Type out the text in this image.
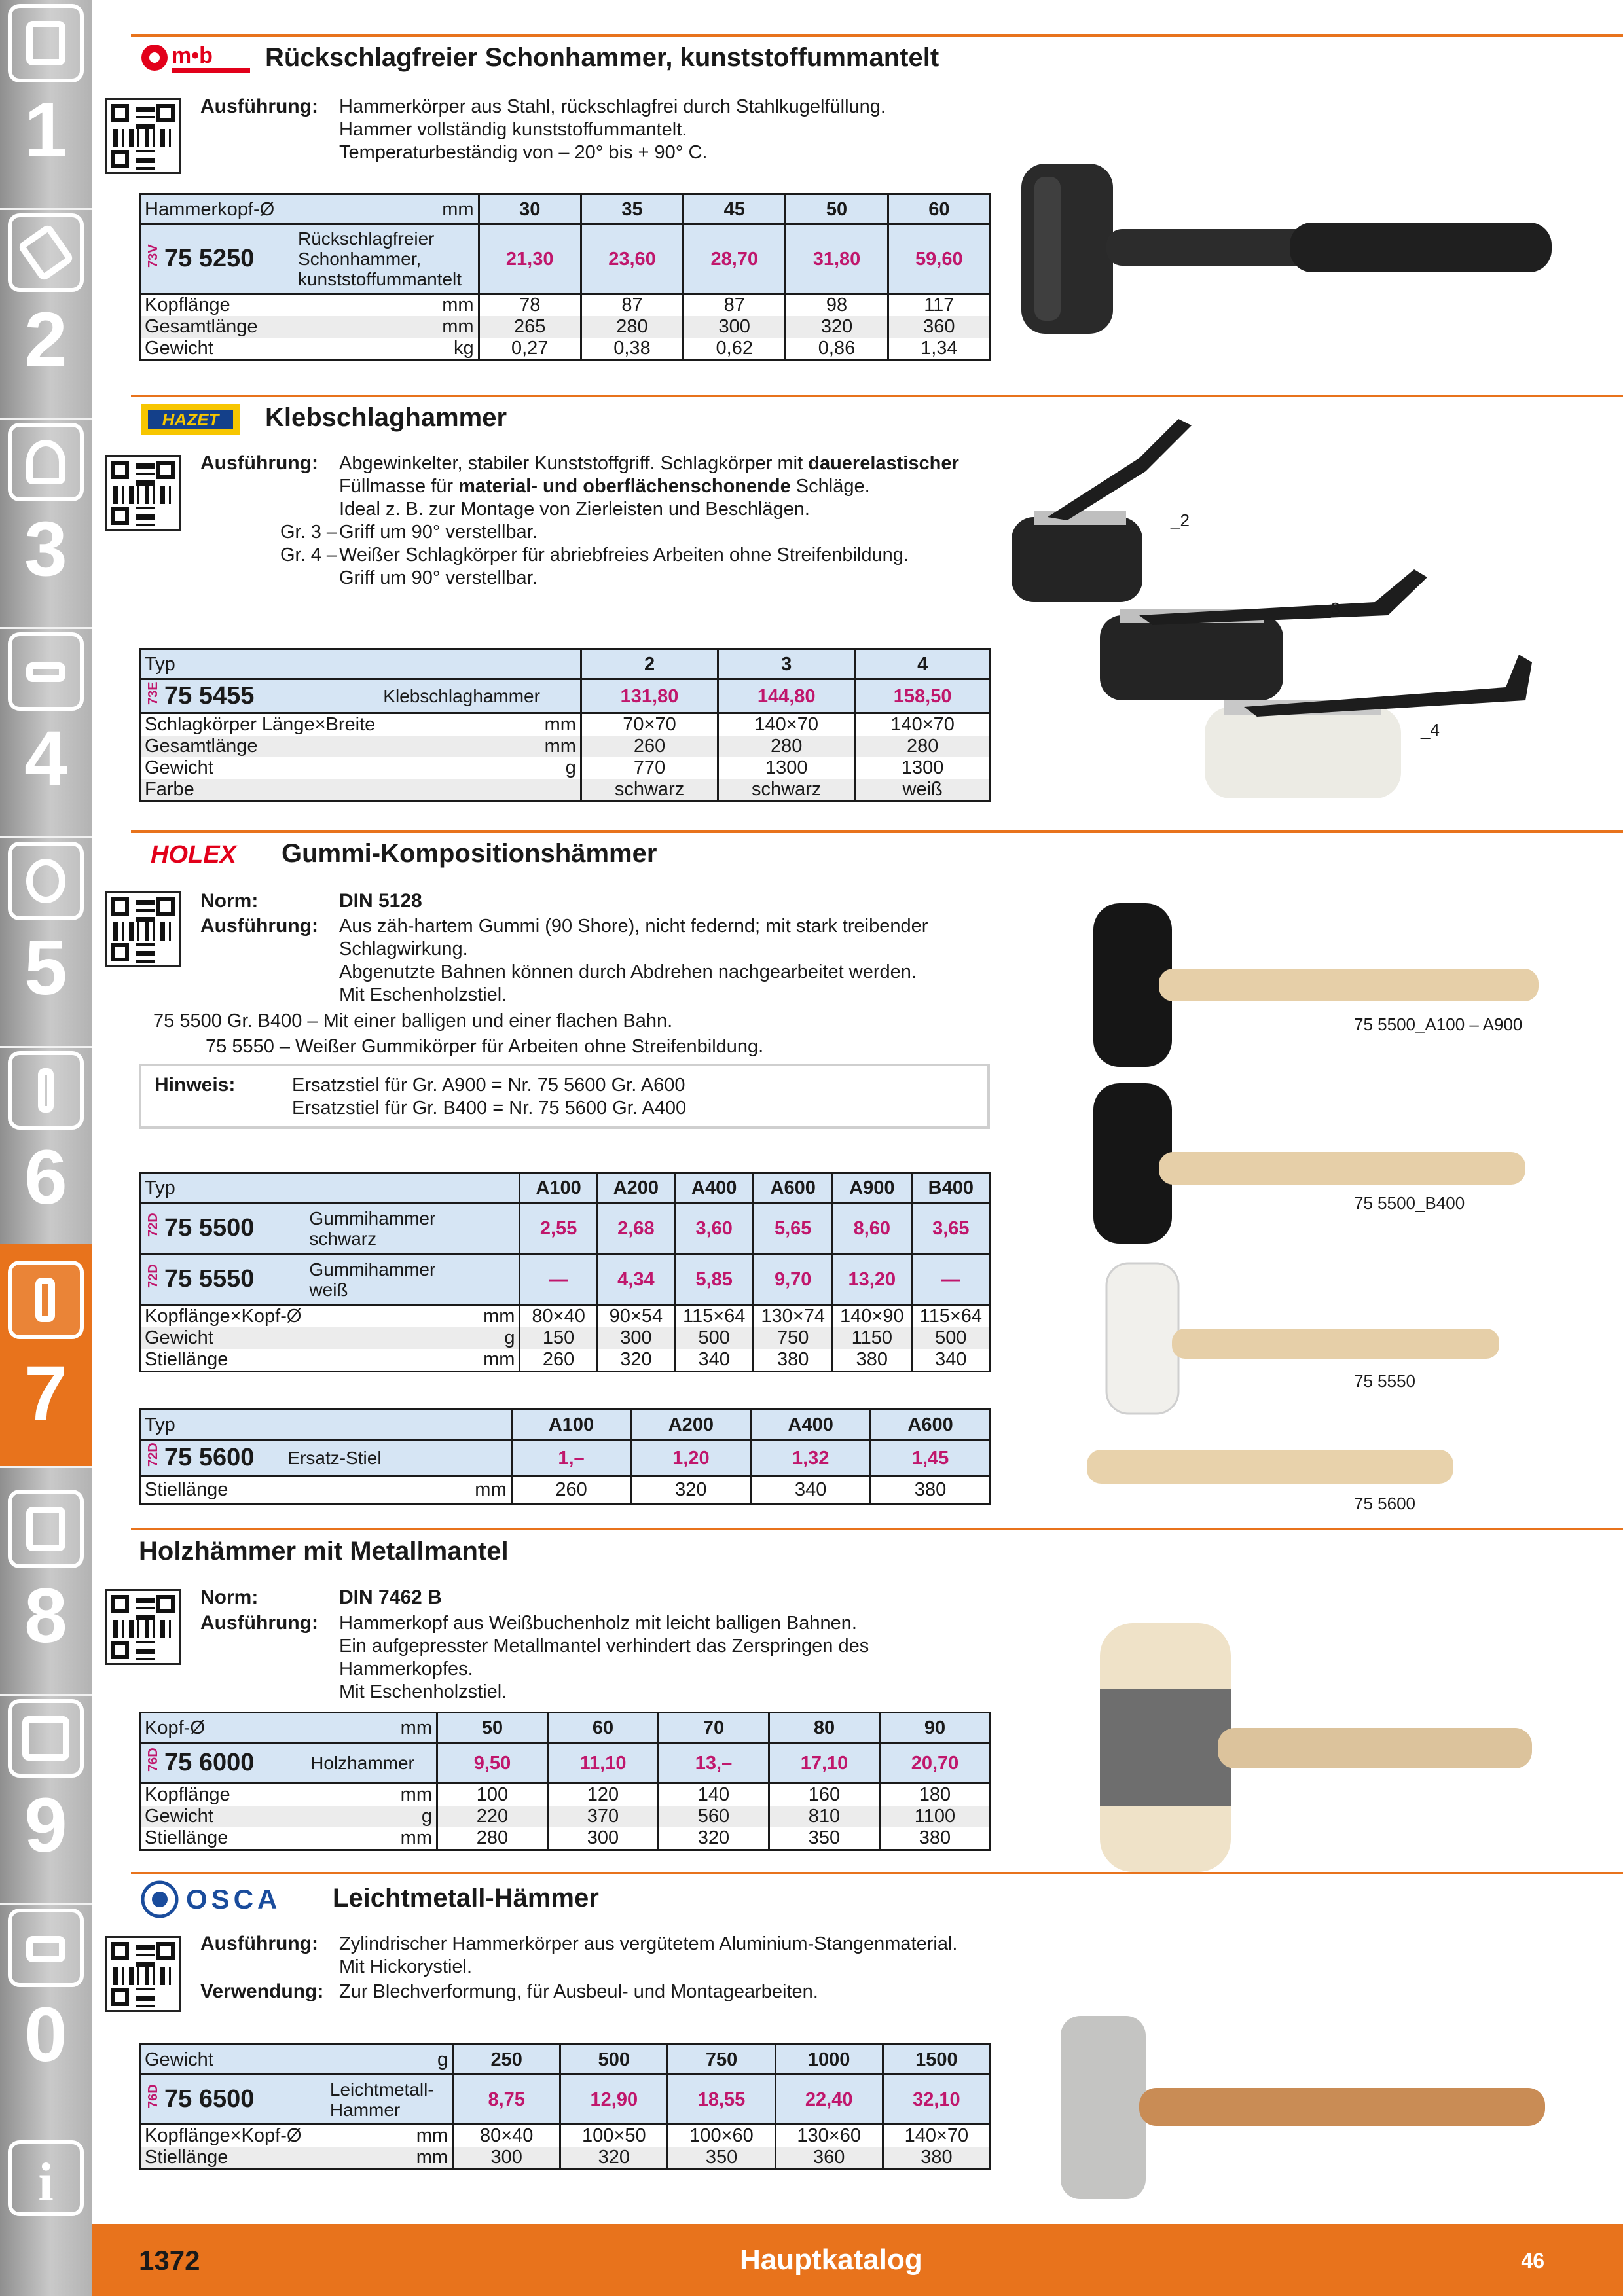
1
2
3
4
5
6
7
8
9
0
i
m•b Rückschlagfreier Schonhammer, kunststoffummantelt
Ausführung: Hammerkörper aus Stahl, rückschlagfrei durch Stahlkugelfüllung.
Hammer vollständig kunststoffummantelt.
Temperaturbeständig von – 20° bis + 90° C.
Hammerkopf-Ø	mm	30	35	45	50	60
73V 75 5250	Rückschlagfreier
Schonhammer,
kunststoffummantelt	21,30	23,60	28,70	31,80	59,60
Kopflänge	mm	78	87	87	98	117
Gesamtlänge	mm	265	280	300	320	360
Gewicht	kg	0,27	0,38	0,62	0,86	1,34
HAZET Klebschlaghammer
Ausführung: Abgewinkelter, stabiler Kunststoffgriff. Schlagkörper mit dauerelastischer
Füllmasse für material- und oberflächenschonende Schläge.
Ideal z. B. zur Montage von Zierleisten und Beschlägen.
Gr. 3 – Griff um 90° verstellbar.
Gr. 4 – Weißer Schlagkörper für abriebfreies Arbeiten ohne Streifenbildung.
Griff um 90° verstellbar.
Typ		2	3	4
73E 75 5455	Klebschlaghammer	131,80	144,80	158,50
Schlagkörper Länge×Breite	mm	70×70	140×70	140×70
Gesamtlänge	mm	260	280	280
Gewicht	g	770	1300	1300
Farbe		schwarz	schwarz	weiß
_2
_3
_4
HOLEX Gummi-Kompositionshämmer
Norm:	DIN 5128
Ausführung: Aus zäh-hartem Gummi (90 Shore), nicht federnd; mit stark treibender
Schlagwirkung.
Abgenutzte Bahnen können durch Abdrehen nachgearbeitet werden.
Mit Eschenholzstiel.
75 5500 Gr. B400 – Mit einer balligen und einer flachen Bahn.
75 5550 – Weißer Gummikörper für Arbeiten ohne Streifenbildung.
Hinweis:	Ersatzstiel für Gr. A900 = Nr. 75 5600 Gr. A600
Ersatzstiel für Gr. B400 = Nr. 75 5600 Gr. A400
Typ		A100	A200	A400	A600	A900	B400
72D 75 5500	Gummihammer
schwarz	2,55	2,68	3,60	5,65	8,60	3,65
72D 75 5550	Gummihammer
weiß	—	4,34	5,85	9,70	13,20	—
Kopflänge×Kopf-Ø	mm	80×40	90×54	115×64	130×74	140×90	115×64
Gewicht	g	150	300	500	750	1150	500
Stiellänge	mm	260	320	340	380	380	340
Typ		A100	A200	A400	A600
72D 75 5600	Ersatz-Stiel	1,–	1,20	1,32	1,45
Stiellänge	mm	260	320	340	380
75 5500_A100 – A900
75 5500_B400
75 5550
75 5600
Holzhämmer mit Metallmantel
Norm:	DIN 7462 B
Ausführung: Hammerkopf aus Weißbuchenholz mit leicht balligen Bahnen.
Ein aufgepresster Metallmantel verhindert das Zerspringen des
Hammerkopfes.
Mit Eschenholzstiel.
Kopf-Ø	mm	50	60	70	80	90
76D 75 6000	Holzhammer	9,50	11,10	13,–	17,10	20,70
Kopflänge	mm	100	120	140	160	180
Gewicht	g	220	370	560	810	1100
Stiellänge	mm	280	300	320	350	380
OSCA Leichtmetall-Hämmer
Ausführung: Zylindrischer Hammerkörper aus vergütetem Aluminium-Stangenmaterial.
Mit Hickorystiel.
Verwendung: Zur Blechverformung, für Ausbeul- und Montagearbeiten.
Gewicht	g	250	500	750	1000	1500
76D 75 6500	Leichtmetall-
Hammer	8,75	12,90	18,55	22,40	32,10
Kopflänge×Kopf-Ø	mm	80×40	100×50	100×60	130×60	140×70
Stiellänge	mm	300	320	350	360	380
1372	Hauptkatalog	46
